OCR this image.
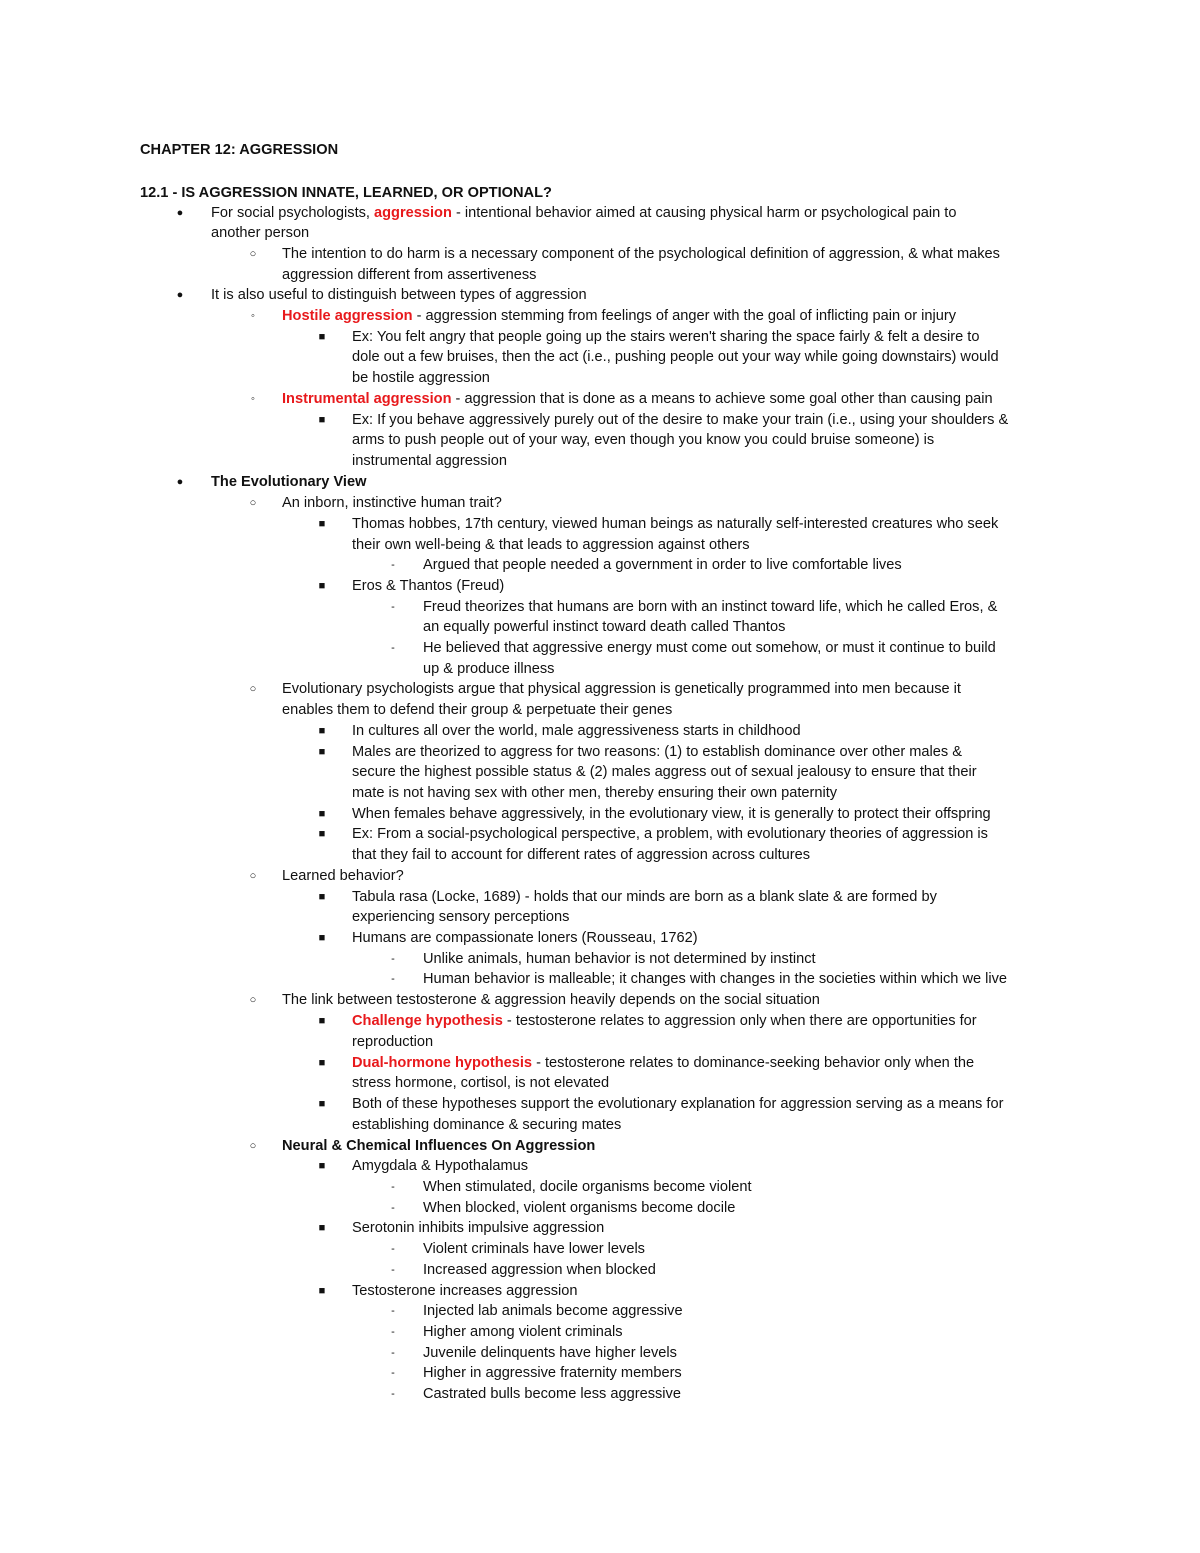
CHAPTER 12: AGGRESSION
12.1 - IS AGGRESSION INNATE, LEARNED, OR OPTIONAL?
●	For social psychologists, aggression - intentional behavior aimed at causing physical harm or psychological pain to
another person
○	The intention to do harm is a necessary component of the psychological definition of aggression, & what makes
aggression different from assertiveness
●	It is also useful to distinguish between types of aggression
◦	Hostile aggression - aggression stemming from feelings of anger with the goal of inflicting pain or injury
■	Ex: You felt angry that people going up the stairs weren't sharing the space fairly & felt a desire to
dole out a few bruises, then the act (i.e., pushing people out your way while going downstairs) would
be hostile aggression
◦	Instrumental aggression - aggression that is done as a means to achieve some goal other than causing pain
■	Ex: If you behave aggressively purely out of the desire to make your train (i.e., using your shoulders &
arms to push people out of your way, even though you know you could bruise someone) is
instrumental aggression
●	The Evolutionary View
○	An inborn, instinctive human trait?
■	Thomas hobbes, 17th century, viewed human beings as naturally self-interested creatures who seek
their own well-being & that leads to aggression against others
-	Argued that people needed a government in order to live comfortable lives
■	Eros & Thantos (Freud)
-	Freud theorizes that humans are born with an instinct toward life, which he called Eros, &
an equally powerful instinct toward death called Thantos
-	He believed that aggressive energy must come out somehow, or must it continue to build
up & produce illness
○	Evolutionary psychologists argue that physical aggression is genetically programmed into men because it
enables them to defend their group & perpetuate their genes
■	In cultures all over the world, male aggressiveness starts in childhood
■	Males are theorized to aggress for two reasons: (1) to establish dominance over other males &
secure the highest possible status & (2) males aggress out of sexual jealousy to ensure that their
mate is not having sex with other men, thereby ensuring their own paternity
■	When females behave aggressively, in the evolutionary view, it is generally to protect their offspring
■	Ex: From a social-psychological perspective, a problem, with evolutionary theories of aggression is
that they fail to account for different rates of aggression across cultures
○	Learned behavior?
■	Tabula rasa (Locke, 1689) - holds that our minds are born as a blank slate & are formed by
experiencing sensory perceptions
■	Humans are compassionate loners (Rousseau, 1762)
-	Unlike animals, human behavior is not determined by instinct
-	Human behavior is malleable; it changes with changes in the societies within which we live
○	The link between testosterone & aggression heavily depends on the social situation
■	Challenge hypothesis - testosterone relates to aggression only when there are opportunities for
reproduction
■	Dual-hormone hypothesis - testosterone relates to dominance-seeking behavior only when the
stress hormone, cortisol, is not elevated
■	Both of these hypotheses support the evolutionary explanation for aggression serving as a means for
establishing dominance & securing mates
○	Neural & Chemical Influences On Aggression
■	Amygdala & Hypothalamus
-	When stimulated, docile organisms become violent
-	When blocked, violent organisms become docile
■	Serotonin inhibits impulsive aggression
-	Violent criminals have lower levels
-	Increased aggression when blocked
■	Testosterone increases aggression
-	Injected lab animals become aggressive
-	Higher among violent criminals
-	Juvenile delinquents have higher levels
-	Higher in aggressive fraternity members
-	Castrated bulls become less aggressive
